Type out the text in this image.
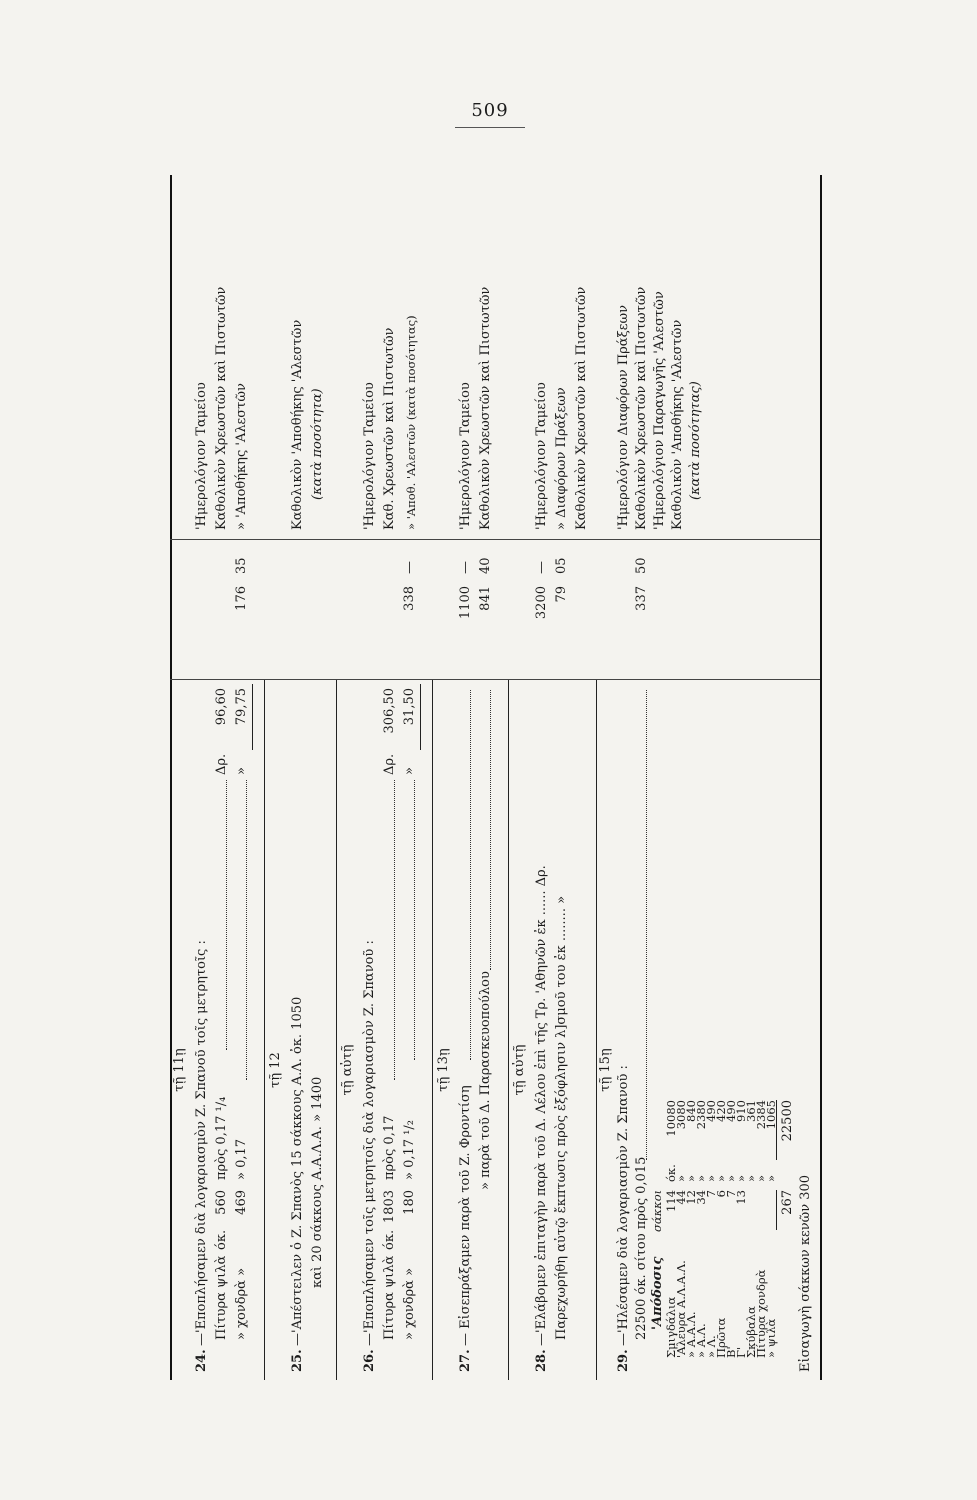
509
τῇ 11ῃ
24.
—'Εποπλήσαμεν διὰ λογαριασμὸν Ζ. Σπανοῦ τοῖς μετρητοῖς : Πίτυρα ψιλὰ
όκ.
560
πρὸς 0,17 ¹/₄
Δρ.
96,60
» χονδρὰ »
469
» 0,17
»
79,75
176
35
'Ημερολόγιον Ταμείου Καθολικὸν Χρεωστῶν καὶ Πιστωτῶν » 'Αποθήκης 'Αλεστῶν
τῇ 12
25.
—'Απέστειλεν ὁ Ζ. Σπανὸς 15 σάκκους Α.Λ. ὀκ. 1050 καὶ 20 σάκκους Α.Α.Λ.Α. » 1400
Καθολικὸν 'Αποθήκης 'Αλεστῶν (κατὰ ποσότητα)
τῇ αὐτῇ
26.
—'Εποπλήσαμεν τοῖς μετρητοῖς διὰ λογαριασμὸν Ζ. Σπανοῦ : Πίτυρα ψιλὰ
όκ.
1803
πρὸς 0,17
Δρ.
306,50
» χονδρὰ »
180
» 0,17 ¹/₂
»
31,50
338
—
'Ημερολόγιον Ταμείου Καθ. Χρεωστῶν καὶ Πιστωτῶν » 'Αποθ. 'Αλεστῶν (κατὰ ποσότητας)
τῇ 13ῃ
27.
— Εἰσεπράξαμεν παρὰ τοῦ Ζ. Φροντίση
» παρὰ τοῦ Δ. Παρασκευοπούλου
1100
—
841
40
'Ημερολόγιον Ταμείου Καθολικὸν Χρεωστῶν καὶ Πιστωτῶν
τῇ αὐτῇ
28.
—'Ελάβομεν ἐπιταγὴν παρὰ τοῦ Δ. Λέλου ἐπὶ τῆς Τρ. 'Αθηνῶν ἐκ ...... Δρ. Παρεχωρήθη αὐτῷ ἔκπτωσις πρὸς ἐξόφλησιν λ]σμοῦ του ἐκ ........ »
3200
—
79
05
'Ημερολόγιον Ταμείου » Διαφόρων Πράξεων Καθολικὸν Χρεωστῶν καὶ Πιστωτῶν
τῇ 15ῃ
29.
—'Ηλέσαμεν διὰ λογαριασμὸν Ζ. Σπανοῦ : 22500 όκ. σίτου πρὸς 0,015
337
50
'Απόδοσις
σάκκοι
Σμιγδάλια
114
όκ.
10080
'Αλευρα Α.Λ.Α.Λ.
44
»
3080
» Α.Α.Λ.
12
»
840
» Α.Λ.
34
»
2380
» Λ.
7
»
490
Πρῶτα
6
»
420
Β'
7
»
490
Γ'
13
»
910
Σκύβαλα
»
361
Πίτυρα χονδρὰ
»
2384
» ψιλὰ
»
1065
267
22500
Εἰσαγωγὴ σάκκων κενῶν 300
'Ημερολόγιον Διαφόρων Πράξεων Καθολικὸν Χρεωστῶν καὶ Πιστωτῶν 'Ημερολόγιον Παραγωγῆς 'Αλεστῶν Καθολικὸν 'Αποθήκης 'Αλεστῶν (κατὰ ποσότητας)
